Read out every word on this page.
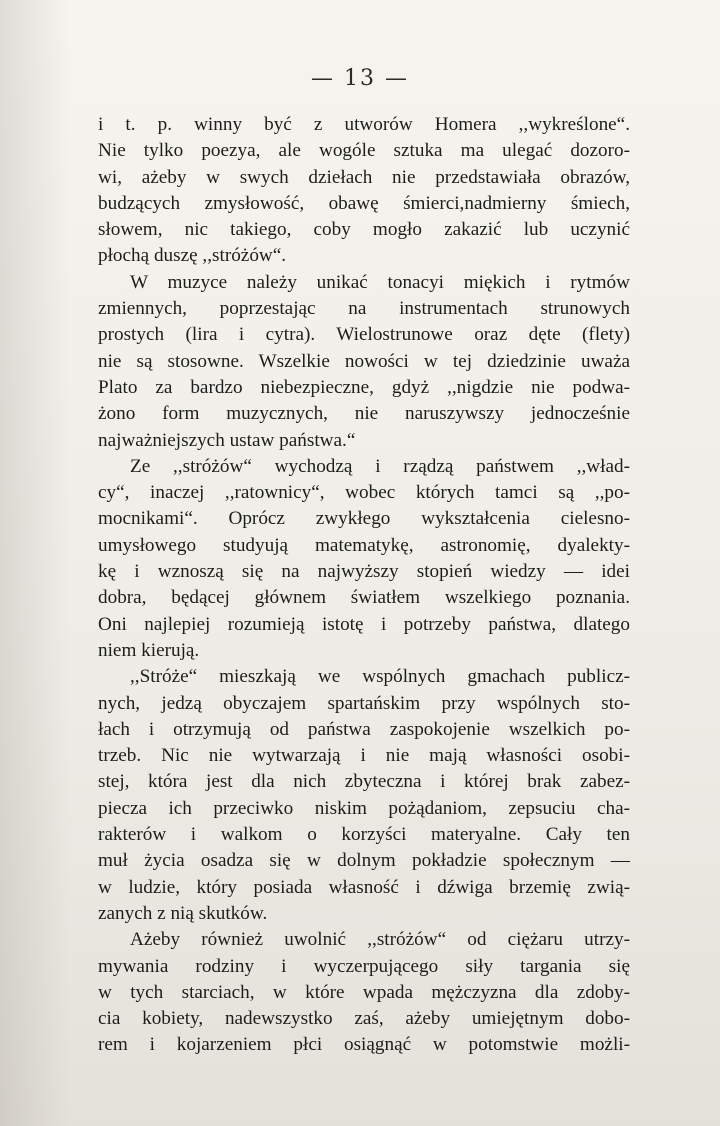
— 13 —
i t. p. winny być z utworów Homera ,,wykreślone“.
Nie tylko poezya, ale wogóle sztuka ma ulegać dozoro-
wi, ażeby w swych dziełach nie przedstawiała obrazów,
budzących zmysłowość, obawę śmierci,nadmierny śmiech,
słowem, nic takiego, coby mogło zakazić lub uczynić
płochą duszę ,,stróżów“.
W muzyce należy unikać tonacyi miękich i rytmów
zmiennych, poprzestając na instrumentach strunowych
prostych (lira i cytra). Wielostrunowe oraz dęte (flety)
nie są stosowne. Wszelkie nowości w tej dziedzinie uważa
Plato za bardzo niebezpieczne, gdyż ,,nigdzie nie podwa-
żono form muzycznych, nie naruszywszy jednocześnie
najważniejszych ustaw państwa.“
Ze ,,stróżów“ wychodzą i rządzą państwem ,,wład-
cy“, inaczej ,,ratownicy“, wobec których tamci są ,,po-
mocnikami“. Oprócz zwykłego wykształcenia cielesno-
umysłowego studyują matematykę, astronomię, dyalekty-
kę i wznoszą się na najwyższy stopień wiedzy — idei
dobra, będącej głównem światłem wszelkiego poznania.
Oni najlepiej rozumieją istotę i potrzeby państwa, dlatego
niem kierują.
,,Stróże“ mieszkają we wspólnych gmachach publicz-
nych, jedzą obyczajem spartańskim przy wspólnych sto-
łach i otrzymują od państwa zaspokojenie wszelkich po-
trzeb. Nic nie wytwarzają i nie mają własności osobi-
stej, która jest dla nich zbyteczna i której brak zabez-
piecza ich przeciwko niskim pożądaniom, zepsuciu cha-
rakterów i walkom o korzyści materyalne. Cały ten
muł życia osadza się w dolnym pokładzie społecznym —
w ludzie, który posiada własność i dźwiga brzemię zwią-
zanych z nią skutków.
Ażeby również uwolnić ,,stróżów“ od ciężaru utrzy-
mywania rodziny i wyczerpującego siły targania się
w tych starciach, w które wpada mężczyzna dla zdoby-
cia kobiety, nadewszystko zaś, ażeby umiejętnym dobo-
rem i kojarzeniem płci osiągnąć w potomstwie możli-
